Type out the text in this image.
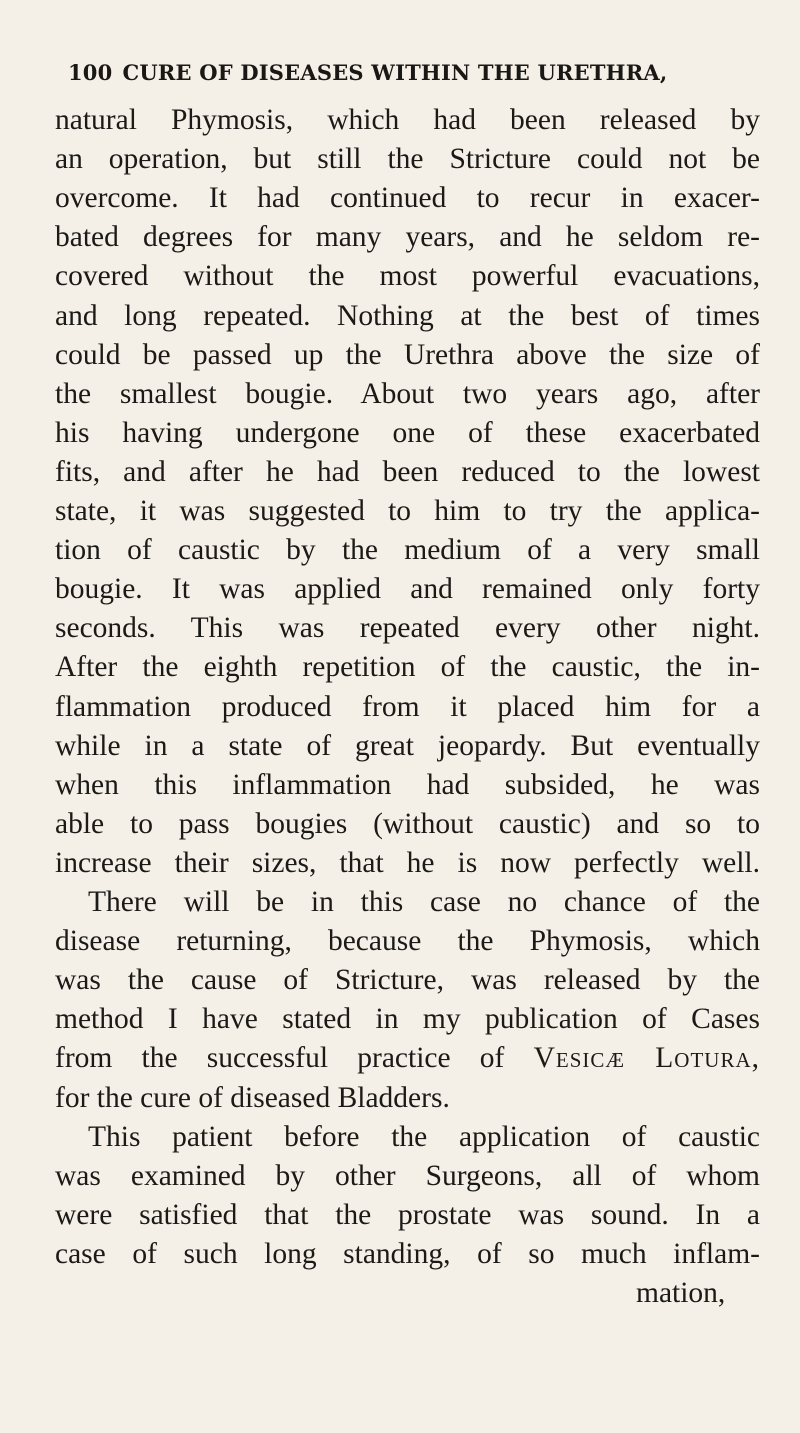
100 CURE OF DISEASES WITHIN THE URETHRA,
natural Phymosis, which had been released by
an operation, but still the Stricture could not be
overcome. It had continued to recur in exacer-
bated degrees for many years, and he seldom re-
covered without the most powerful evacuations,
and long repeated. Nothing at the best of times
could be passed up the Urethra above the size of
the smallest bougie. About two years ago, after
his having undergone one of these exacerbated
fits, and after he had been reduced to the lowest
state, it was suggested to him to try the applica-
tion of caustic by the medium of a very small
bougie. It was applied and remained only forty
seconds. This was repeated every other night.
After the eighth repetition of the caustic, the in-
flammation produced from it placed him for a
while in a state of great jeopardy. But eventually
when this inflammation had subsided, he was
able to pass bougies (without caustic) and so to
increase their sizes, that he is now perfectly well.
There will be in this case no chance of the
disease returning, because the Phymosis, which
was the cause of Stricture, was released by the
method I have stated in my publication of Cases
from the successful practice of Vesicæ Lotura,
for the cure of diseased Bladders.
This patient before the application of caustic
was examined by other Surgeons, all of whom
were satisfied that the prostate was sound. In a
case of such long standing, of so much inflam-
mation,
